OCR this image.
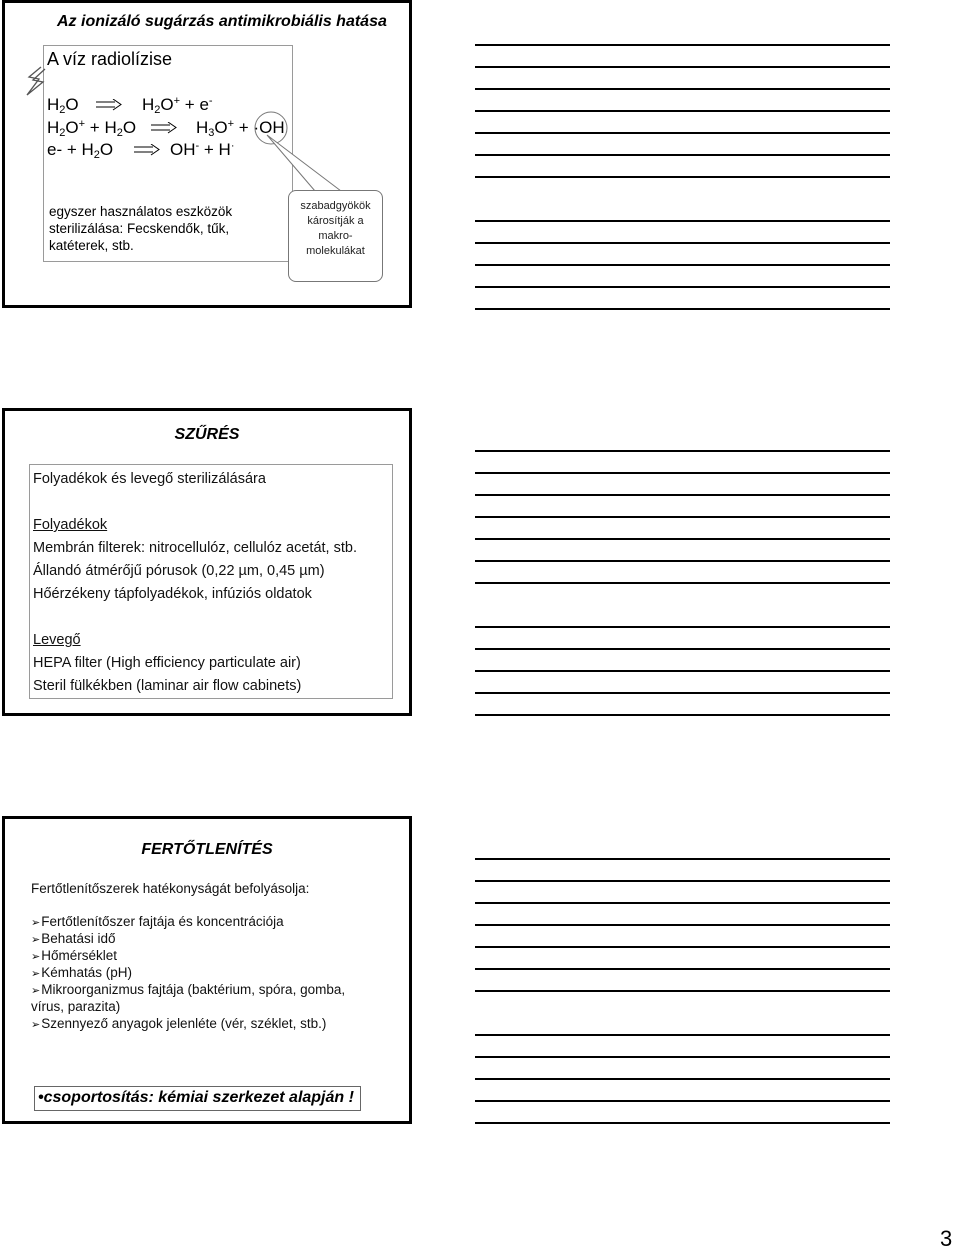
Az ionizáló sugárzás antimikrobiális hatása
A víz radiolízise
$H_2O$	$H_2O^+ + e^-$
$H_2O^+ + H_2O$	$H_3O^+ + \cdot OH$
$e- + H_2O$	OH- + H·
egyszer használatos eszközök sterilizálása: Fecskendők, tűk, katéterek, stb.
szabadgyökök
károsítják a
makro-
molekulákat
SZŰRÉS
Folyadékok és levegő sterilizálására
Folyadékok
Membrán filterek: nitrocellulóz, cellulóz acetát, stb.
Állandó átmérőjű pórusok (0,22 µm, 0,45 µm)
Hőérzékeny tápfolyadékok, infúziós oldatok
Levegő
HEPA filter (High efficiency particulate air)
Steril fülkékben (laminar air flow cabinets)
FERTŐTLENÍTÉS
Fertőtlenítőszerek hatékonyságát befolyásolja:
➢Fertőtlenítőszer fajtája és koncentrációja
➢Behatási idő
➢Hőmérséklet
➢Kémhatás (pH)
➢Mikroorganizmus fajtája (baktérium, spóra, gomba,
vírus, parazita)
➢Szennyező anyagok jelenléte (vér, széklet, stb.)
•csoportosítás: kémiai szerkezet alapján !
3
